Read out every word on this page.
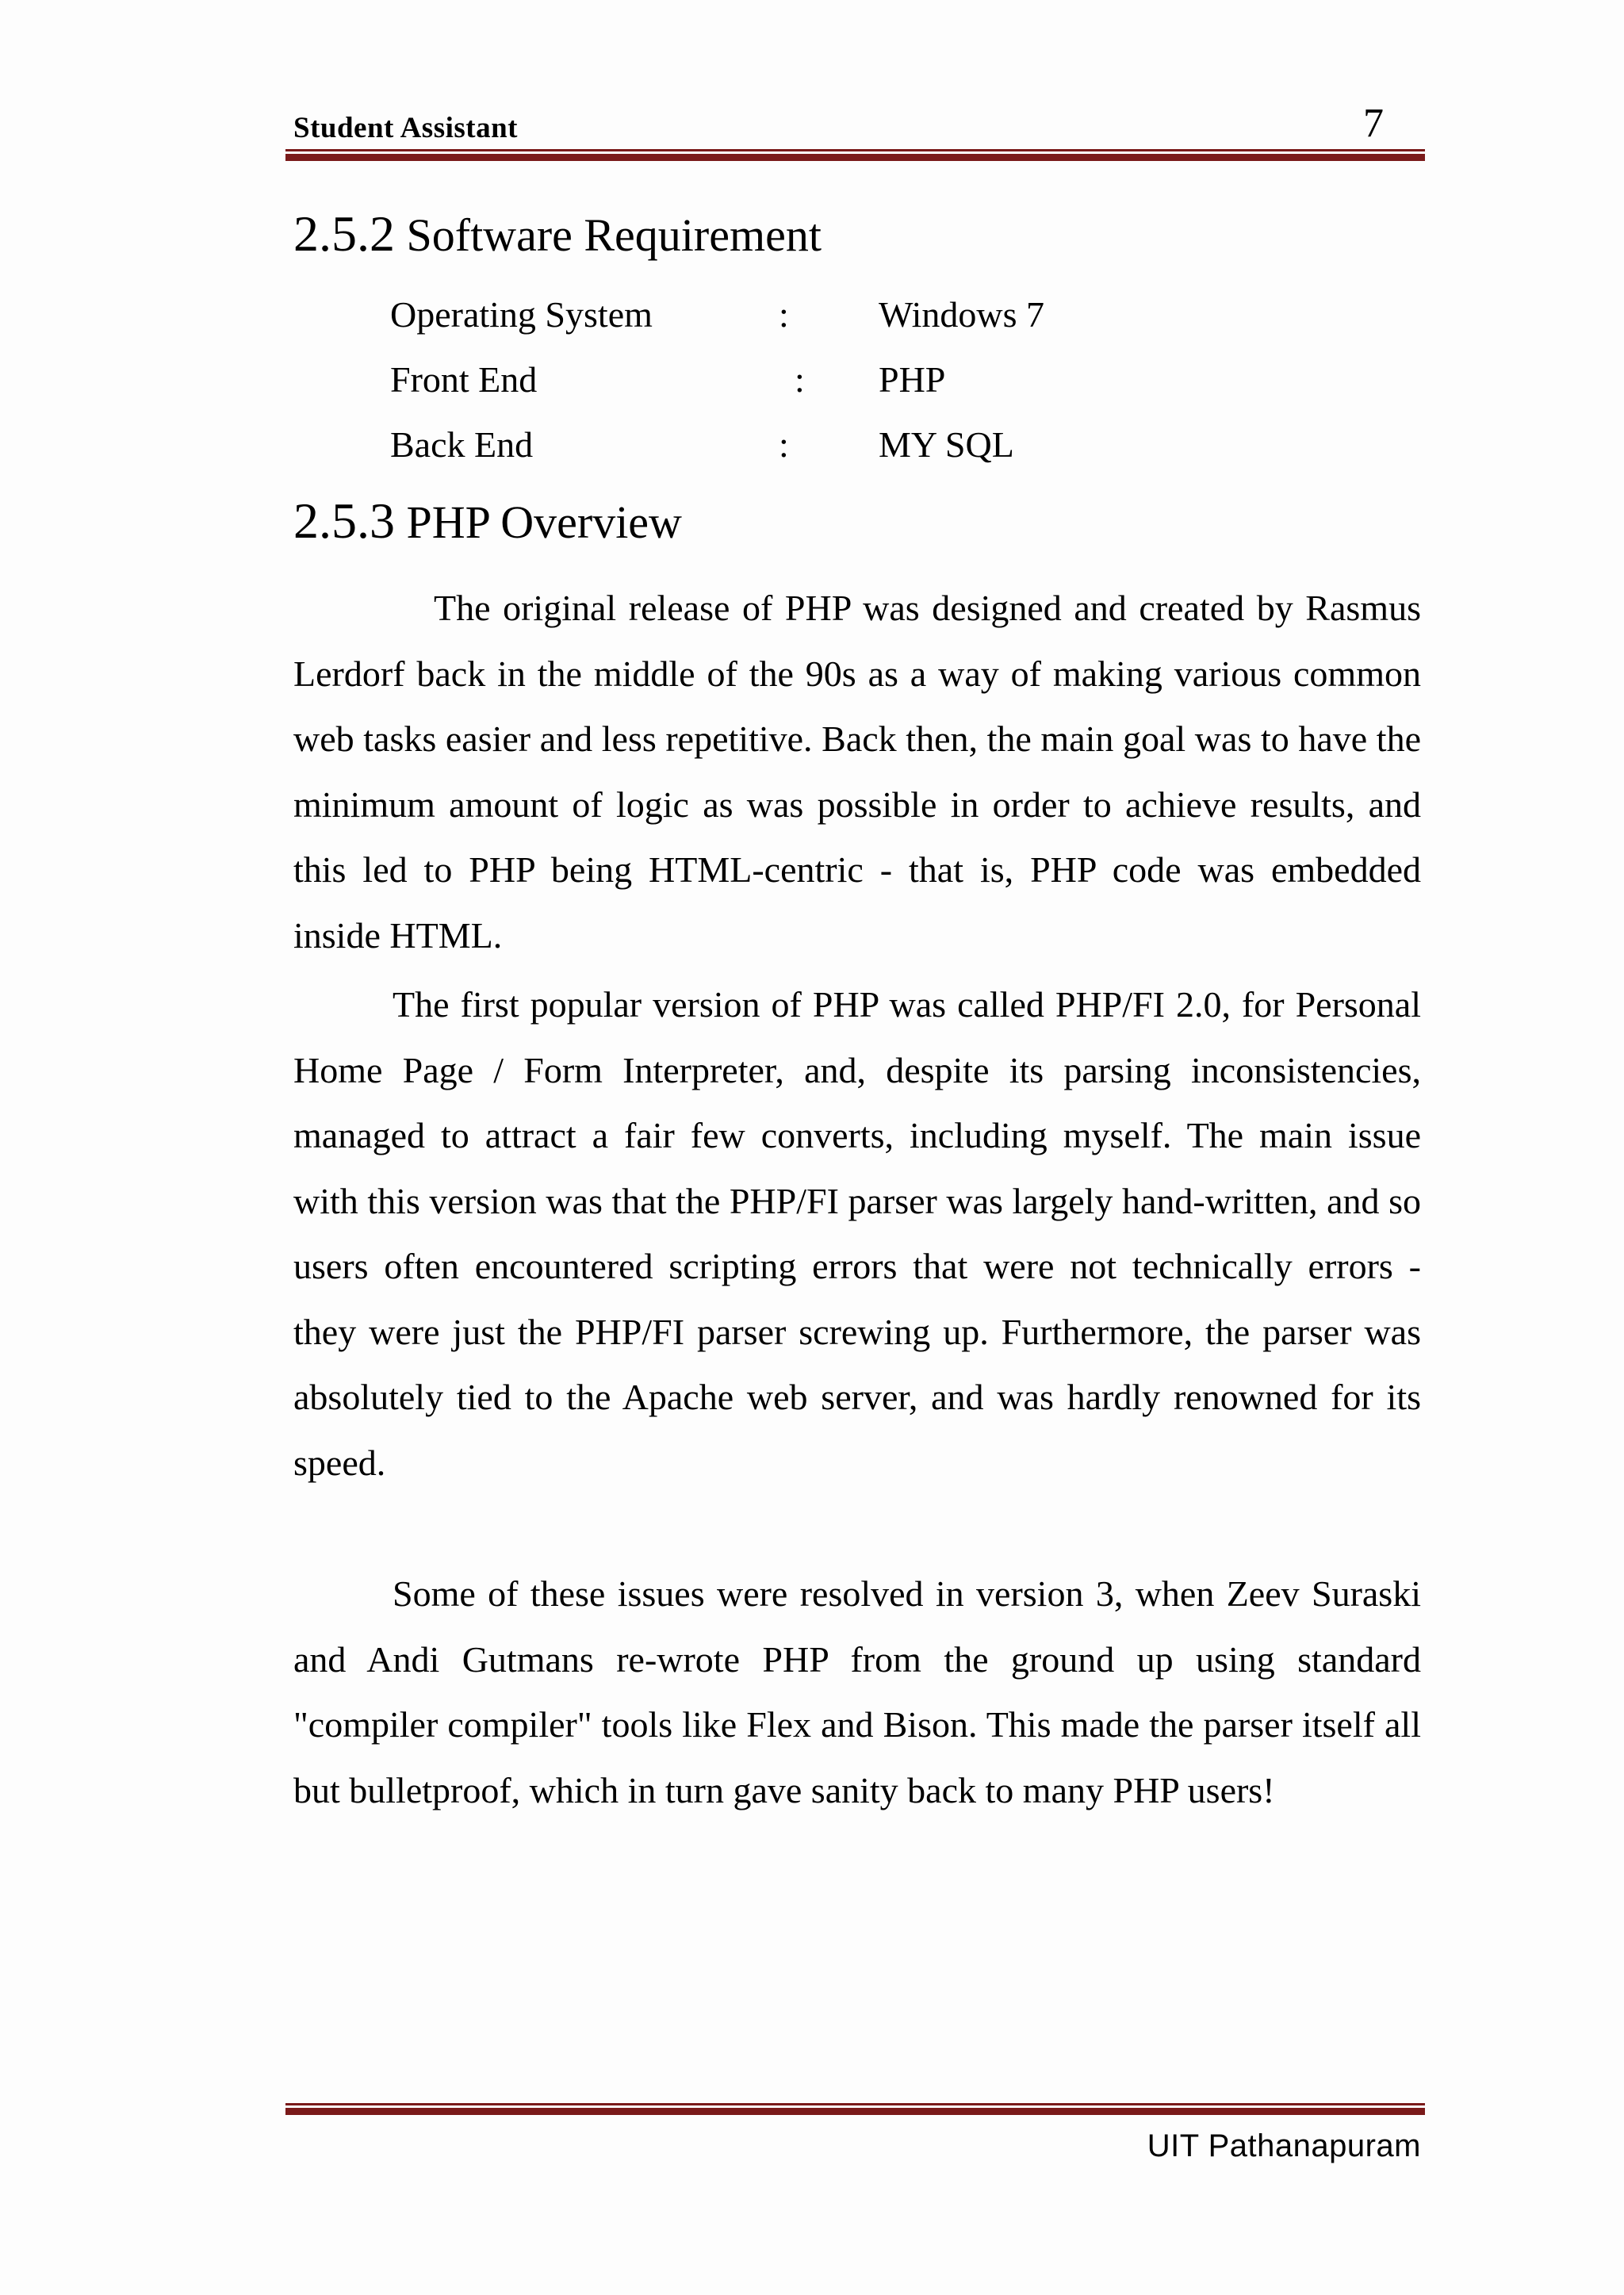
Student Assistant	7
2.5.2 Software Requirement
Operating System	: Windows 7
Front End	: PHP
Back End	: MY SQL
2.5.3 PHP Overview

The original release of PHP was designed and created by Rasmus Lerdorf back in the middle of the 90s as a way of making various common web tasks easier and less repetitive. Back then, the main goal was to have the minimum amount of logic as was possible in order to achieve results, and this led to PHP being HTML-centric - that is, PHP code was embedded inside HTML.

The first popular version of PHP was called PHP/FI 2.0, for Personal Home Page / Form Interpreter, and, despite its parsing inconsistencies, managed to attract a fair few converts, including myself. The main issue with this version was that the PHP/FI parser was largely hand-written, and so users often encountered scripting errors that were not technically errors - they were just the PHP/FI parser screwing up. Furthermore, the parser was absolutely tied to the Apache web server, and was hardly renowned for its speed.

Some of these issues were resolved in version 3, when Zeev Suraski and Andi Gutmans re-wrote PHP from the ground up using standard "compiler compiler" tools like Flex and Bison. This made the parser itself all but bulletproof, which in turn gave sanity back to many PHP users!

UIT Pathanapuram
